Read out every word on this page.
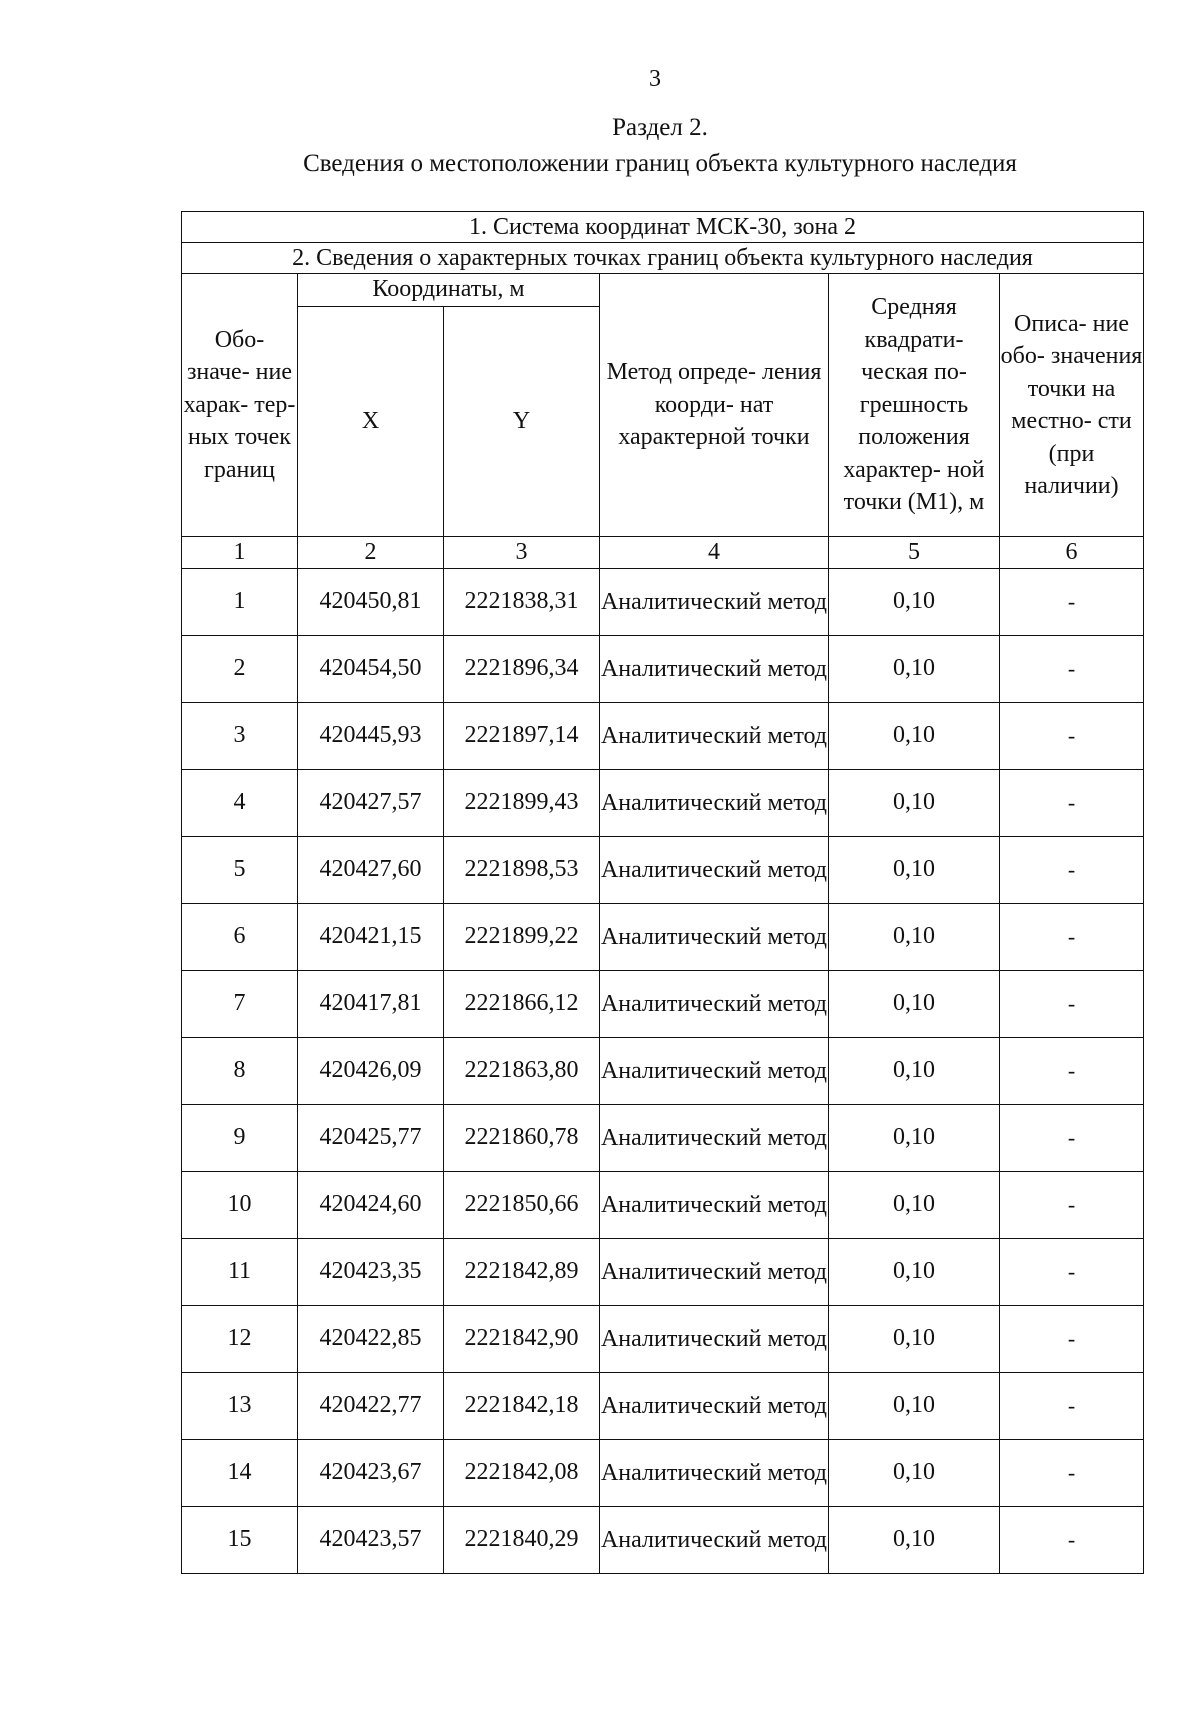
3
Раздел 2.
Сведения о местоположении границ объекта культурного наследия
1. Система координат МСК-30, зона 2					
2. Сведения о характерных точках границ объекта культурного наследия					
Обо- значе- ние харак- тер- ных точек границ	Координаты, м		Метод опреде- ления коорди- нат характерной точки	Средняя квадрати- ческая по- грешность положения характер- ной точки (М1), м	Описа- ние обо- значения точки на местно- сти (при наличии)
	X	Y			
1	2	3	4	5	6
1	420450,81	2221838,31	Аналитический метод	0,10	-
2	420454,50	2221896,34	Аналитический метод	0,10	-
3	420445,93	2221897,14	Аналитический метод	0,10	-
4	420427,57	2221899,43	Аналитический метод	0,10	-
5	420427,60	2221898,53	Аналитический метод	0,10	-
6	420421,15	2221899,22	Аналитический метод	0,10	-
7	420417,81	2221866,12	Аналитический метод	0,10	-
8	420426,09	2221863,80	Аналитический метод	0,10	-
9	420425,77	2221860,78	Аналитический метод	0,10	-
10	420424,60	2221850,66	Аналитический метод	0,10	-
11	420423,35	2221842,89	Аналитический метод	0,10	-
12	420422,85	2221842,90	Аналитический метод	0,10	-
13	420422,77	2221842,18	Аналитический метод	0,10	-
14	420423,67	2221842,08	Аналитический метод	0,10	-
15	420423,57	2221840,29	Аналитический метод	0,10	-
